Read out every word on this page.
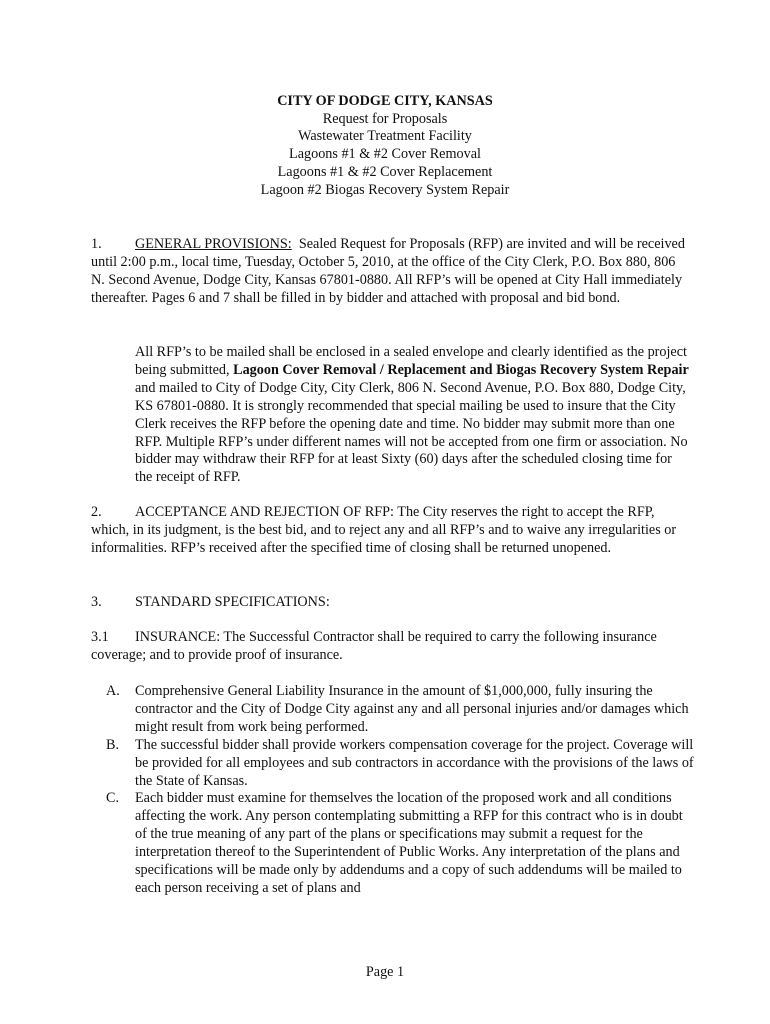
CITY OF DODGE CITY, KANSAS
Request for Proposals
Wastewater Treatment Facility
Lagoons #1 & #2 Cover Removal
Lagoons #1 & #2 Cover Replacement
Lagoon #2 Biogas Recovery System Repair
1. GENERAL PROVISIONS: Sealed Request for Proposals (RFP) are invited and will be received until 2:00 p.m., local time, Tuesday, October 5, 2010, at the office of the City Clerk, P.O. Box 880, 806 N. Second Avenue, Dodge City, Kansas 67801-0880. All RFP’s will be opened at City Hall immediately thereafter. Pages 6 and 7 shall be filled in by bidder and attached with proposal and bid bond.
All RFP’s to be mailed shall be enclosed in a sealed envelope and clearly identified as the project being submitted, Lagoon Cover Removal / Replacement and Biogas Recovery System Repair and mailed to City of Dodge City, City Clerk, 806 N. Second Avenue, P.O. Box 880, Dodge City, KS 67801-0880. It is strongly recommended that special mailing be used to insure that the City Clerk receives the RFP before the opening date and time. No bidder may submit more than one RFP. Multiple RFP’s under different names will not be accepted from one firm or association. No bidder may withdraw their RFP for at least Sixty (60) days after the scheduled closing time for the receipt of RFP.
2. ACCEPTANCE AND REJECTION OF RFP: The City reserves the right to accept the RFP, which, in its judgment, is the best bid, and to reject any and all RFP’s and to waive any irregularities or informalities. RFP’s received after the specified time of closing shall be returned unopened.
3. STANDARD SPECIFICATIONS:
3.1 INSURANCE: The Successful Contractor shall be required to carry the following insurance coverage; and to provide proof of insurance.
A.	Comprehensive General Liability Insurance in the amount of $1,000,000, fully insuring the contractor and the City of Dodge City against any and all personal injuries and/or damages which might result from work being performed.
B.	The successful bidder shall provide workers compensation coverage for the project. Coverage will be provided for all employees and sub contractors in accordance with the provisions of the laws of the State of Kansas.
C.	Each bidder must examine for themselves the location of the proposed work and all conditions affecting the work. Any person contemplating submitting a RFP for this contract who is in doubt of the true meaning of any part of the plans or specifications may submit a request for the interpretation thereof to the Superintendent of Public Works. Any interpretation of the plans and specifications will be made only by addendums and a copy of such addendums will be mailed to each person receiving a set of plans and
Page 1
